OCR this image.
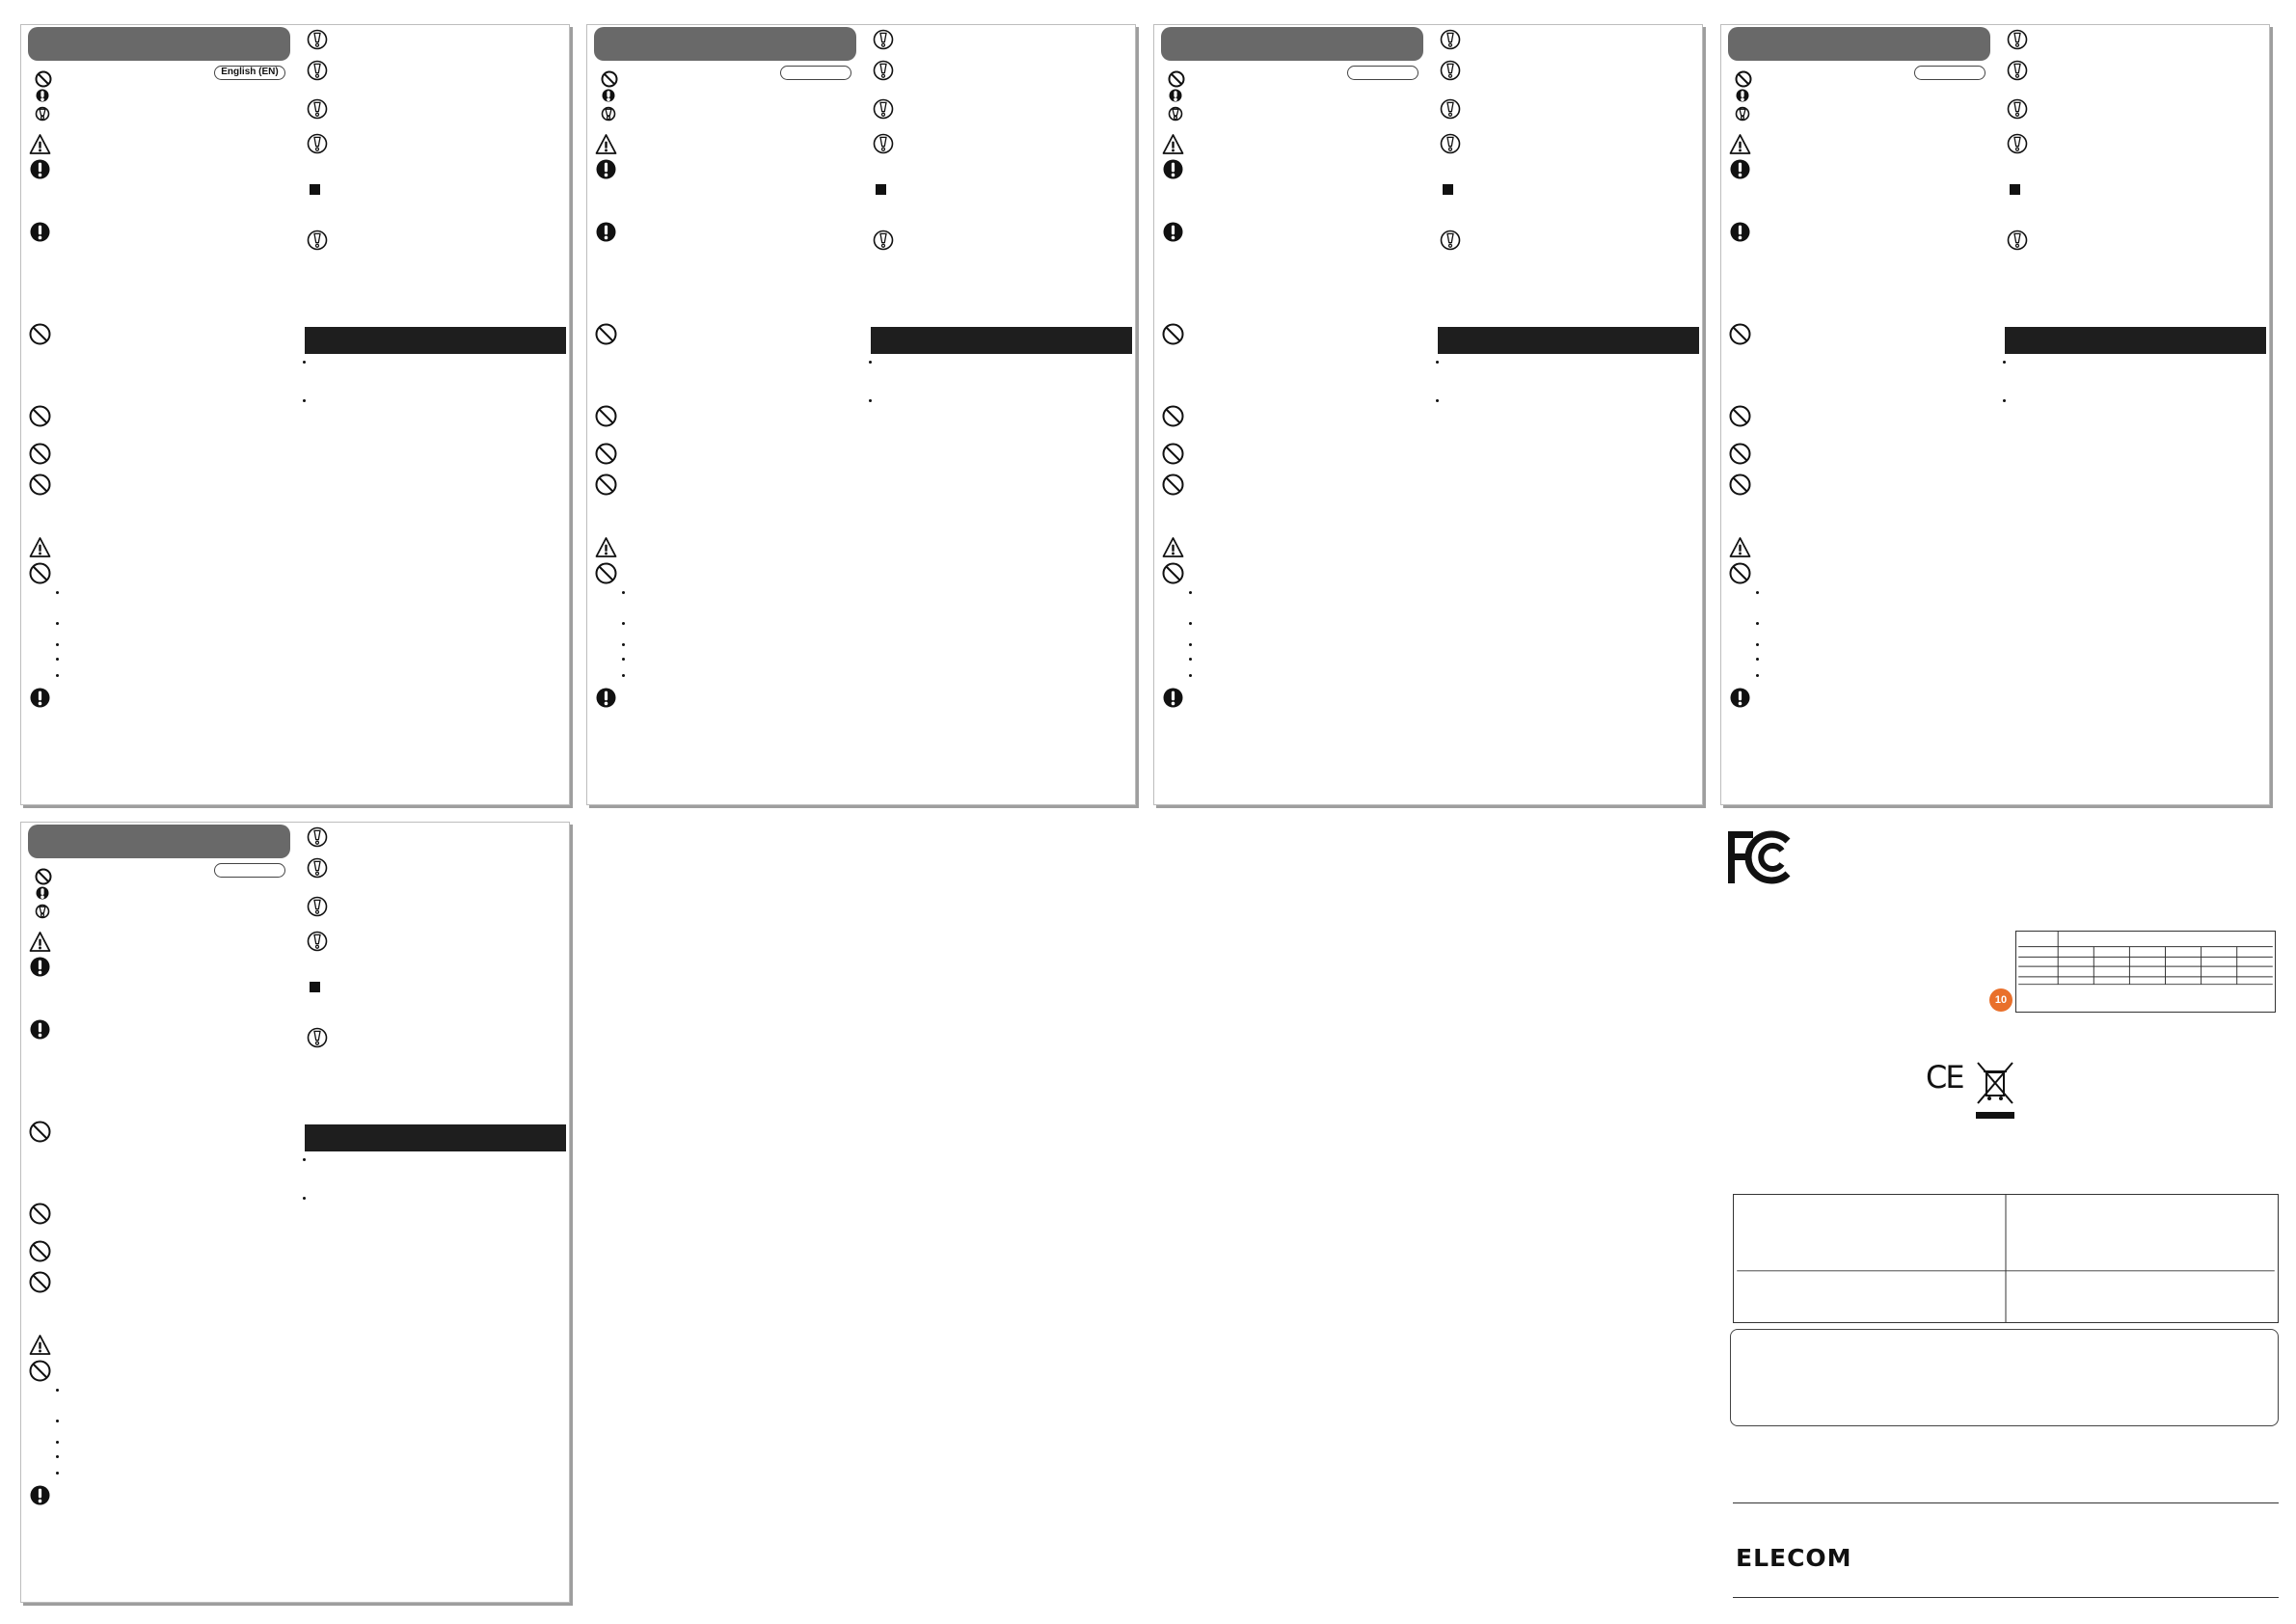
English (EN)
10
CE
ELECOM
